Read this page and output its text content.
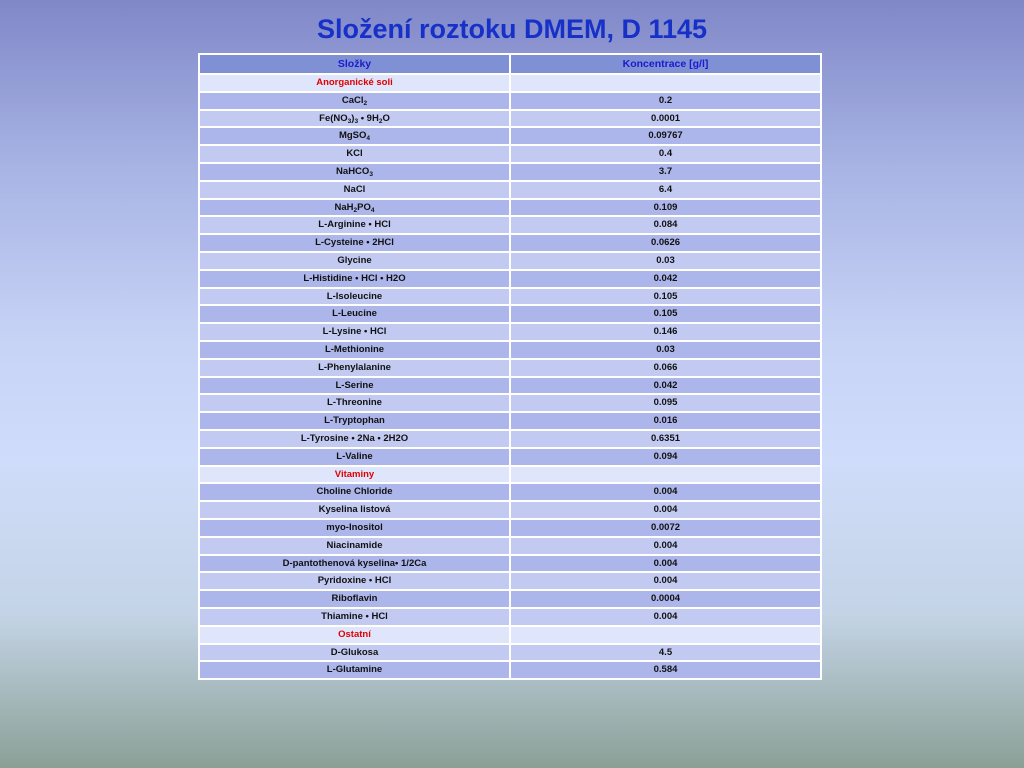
Složení roztoku DMEM, D 1145
Složky	Koncentrace [g/l]
Anorganické soli	
CaCl$_2$	0.2
$Fe(NO_3)_3$ • $9H_2O$	0.0001
MgSO$_4$	0.09767
KCl	0.4
NaHCO$_3$	3.7
NaCl	6.4
$NaH_2PO_4$	0.109
L-Arginine • HCl	0.084
L-Cysteine • 2HCl	0.0626
Glycine	0.03
L-Histidine • HCl • H2O	0.042
L-Isoleucine	0.105
L-Leucine	0.105
L-Lysine • HCl	0.146
L-Methionine	0.03
L-Phenylalanine	0.066
L-Serine	0.042
L-Threonine	0.095
L-Tryptophan	0.016
L-Tyrosine • 2Na • 2H2O	0.6351
L-Valine	0.094
Vitaminy	
Choline Chloride	0.004
Kyselina listová	0.004
myo-Inositol	0.0072
Niacinamide	0.004
D-pantothenová kyselina• 1/2Ca	0.004
Pyridoxine • HCl	0.004
Riboflavin	0.0004
Thiamine • HCl	0.004
Ostatní	
D-Glukosa	4.5
L-Glutamine	0.584
